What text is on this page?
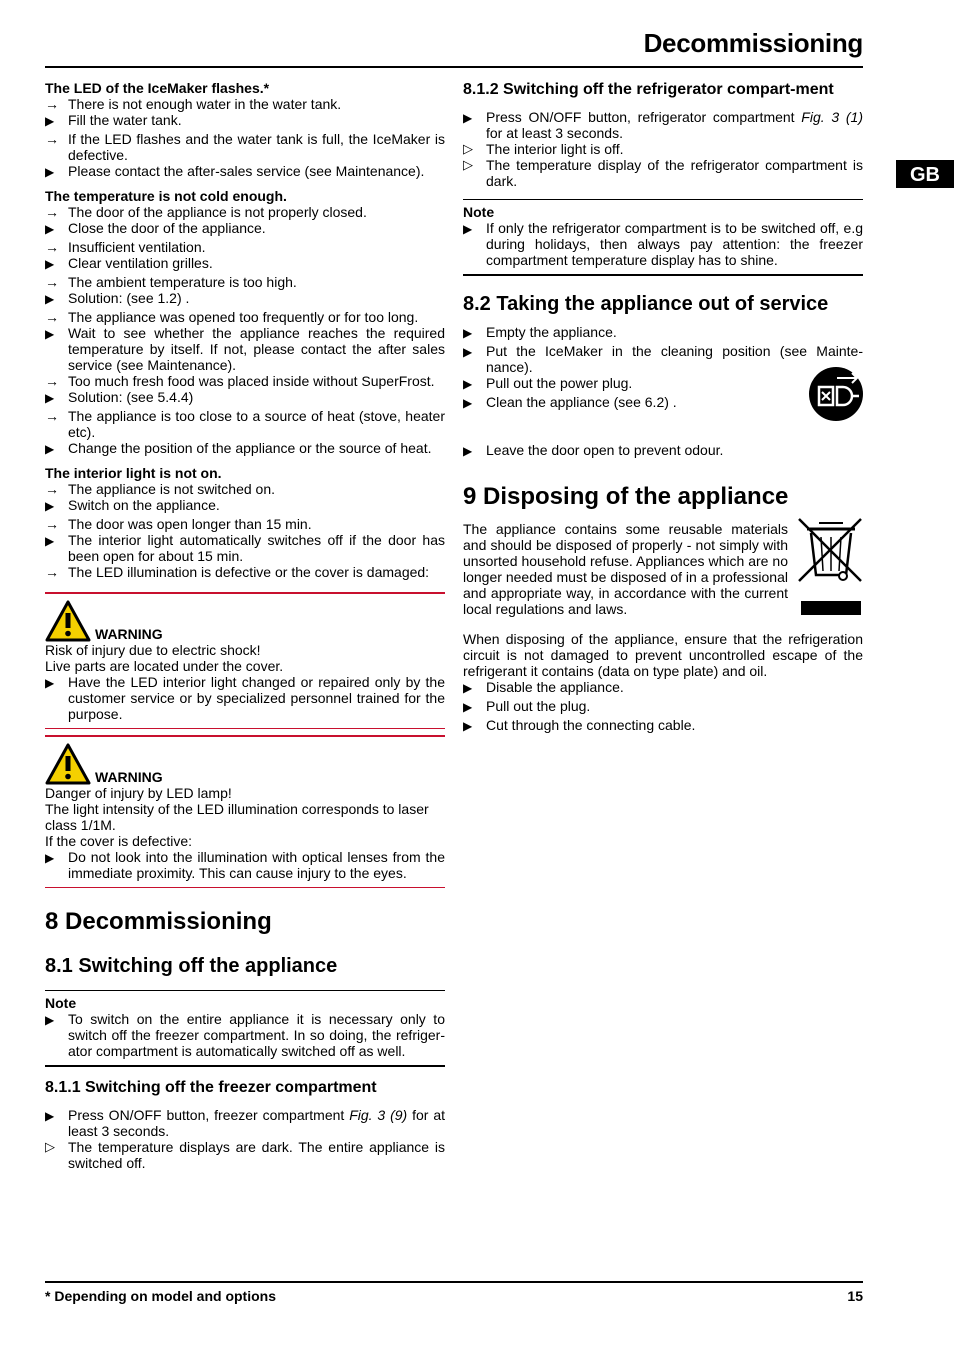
Decommissioning
GB
The LED of the IceMaker flashes.*
→ There is not enough water in the water tank.
▶ Fill the water tank.
→ If the LED flashes and the water tank is full, the IceMaker is defective.
▶ Please contact the after-sales service (see Maintenance).
The temperature is not cold enough.
→ The door of the appliance is not properly closed.
▶ Close the door of the appliance.
→ Insufficient ventilation.
▶ Clear ventilation grilles.
→ The ambient temperature is too high.
▶ Solution: (see 1.2) .
→ The appliance was opened too frequently or for too long.
▶ Wait to see whether the appliance reaches the required temperature by itself. If not, please contact the after sales service (see Maintenance).
→ Too much fresh food was placed inside without SuperFrost.
▶ Solution: (see 5.4.4)
→ The appliance is too close to a source of heat (stove, heater etc).
▶ Change the position of the appliance or the source of heat.
The interior light is not on.
→ The appliance is not switched on.
▶ Switch on the appliance.
→ The door was open longer than 15 min.
▶ The interior light automatically switches off if the door has been open for about 15 min.
→ The LED illumination is defective or the cover is damaged:
WARNING
Risk of injury due to electric shock!
Live parts are located under the cover.
▶ Have the LED interior light changed or repaired only by the customer service or by specialized personnel trained for the purpose.
WARNING
Danger of injury by LED lamp!
The light intensity of the LED illumination corresponds to laser class 1/1M.
If the cover is defective:
▶ Do not look into the illumination with optical lenses from the immediate proximity. This can cause injury to the eyes.
8 Decommissioning
8.1 Switching off the appliance
Note
▶ To switch on the entire appliance it is necessary only to switch off the freezer compartment. In so doing, the refriger-ator compartment is automatically switched off as well.
8.1.1 Switching off the freezer compartment
▶ Press ON/OFF button, freezer compartment Fig. 3 (9) for at least 3 seconds.
▷ The temperature displays are dark. The entire appliance is switched off.
8.1.2 Switching off the refrigerator compart-ment
▶ Press ON/OFF button, refrigerator compartment Fig. 3 (1) for at least 3 seconds.
▷ The interior light is off.
▷ The temperature display of the refrigerator compartment is dark.
Note
▶ If only the refrigerator compartment is to be switched off, e.g during holidays, then always pay attention: the freezer compartment temperature display has to shine.
8.2 Taking the appliance out of service
▶ Empty the appliance.
▶ Put the IceMaker in the cleaning position (see Mainte-nance).
▶ Pull out the power plug.
▶ Clean the appliance (see 6.2) .
▶ Leave the door open to prevent odour.
9 Disposing of the appliance
The appliance contains some reusable materials and should be disposed of properly - not simply with unsorted household refuse. Appliances which are no longer needed must be disposed of in a professional and appropriate way, in accordance with the current local regulations and laws.
When disposing of the appliance, ensure that the refrigeration circuit is not damaged to prevent uncontrolled escape of the refrigerant it contains (data on type plate) and oil.
▶ Disable the appliance.
▶ Pull out the plug.
▶ Cut through the connecting cable.
* Depending on model and options	15
